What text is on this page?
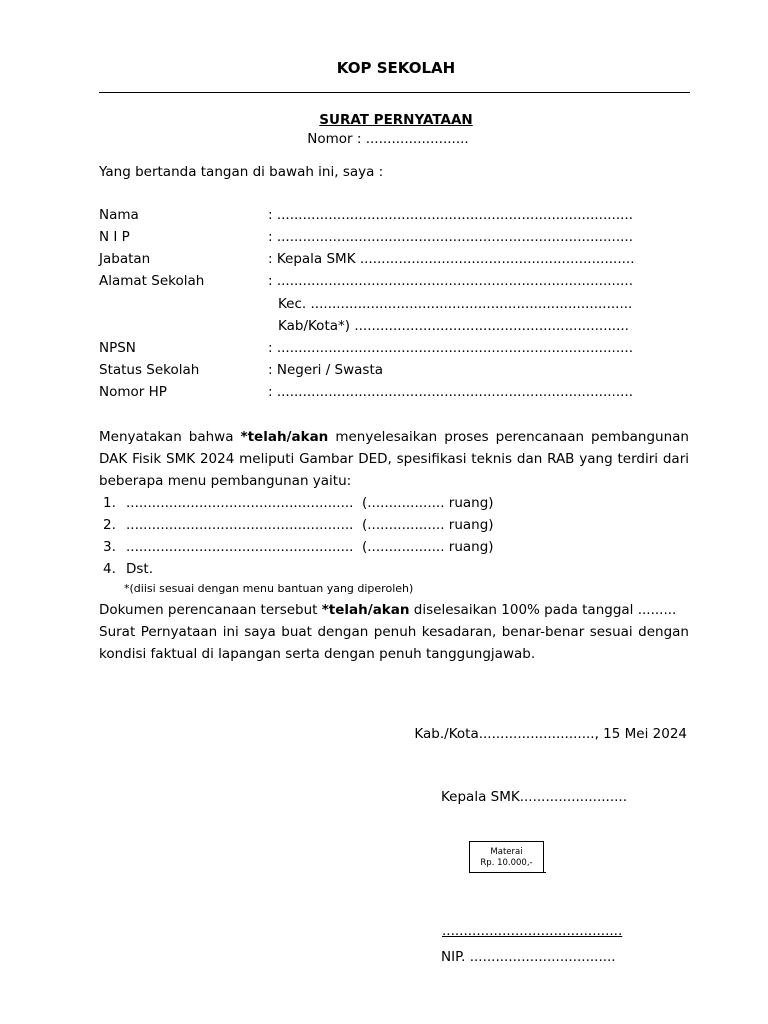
KOP SEKOLAH
SURAT PERNYATAAN
Nomor : ........................
Yang bertanda tangan di bawah ini, saya :
Nama	: ...................................................................................
N I P	: ...................................................................................
Jabatan	: Kepala SMK ................................................................
Alamat Sekolah	: ...................................................................................
Kec. ...........................................................................
Kab/Kota*) ................................................................
NPSN	: ...................................................................................
Status Sekolah	: Negeri / Swasta
Nomor HP	: ...................................................................................
Menyatakan bahwa *telah/akan menyelesaikan proses perencanaan pembangunan
DAK Fisik SMK 2024 meliputi Gambar DED, spesifikasi teknis dan RAB yang terdiri dari
beberapa menu pembangunan yaitu:
1. ..................................................... (.................. ruang)
2. ..................................................... (.................. ruang)
3. ..................................................... (.................. ruang)
4. Dst.
*(diisi sesuai dengan menu bantuan yang diperoleh)
Dokumen perencanaan tersebut *telah/akan diselesaikan 100% pada tanggal .........
Surat Pernyataan ini saya buat dengan penuh kesadaran, benar-benar sesuai dengan
kondisi faktual di lapangan serta dengan penuh tanggungjawab.
Kab./Kota..........................., 15 Mei 2024
Kepala SMK.........................
Materai
Rp. 10.000,-
..........................................
NIP. ..................................
